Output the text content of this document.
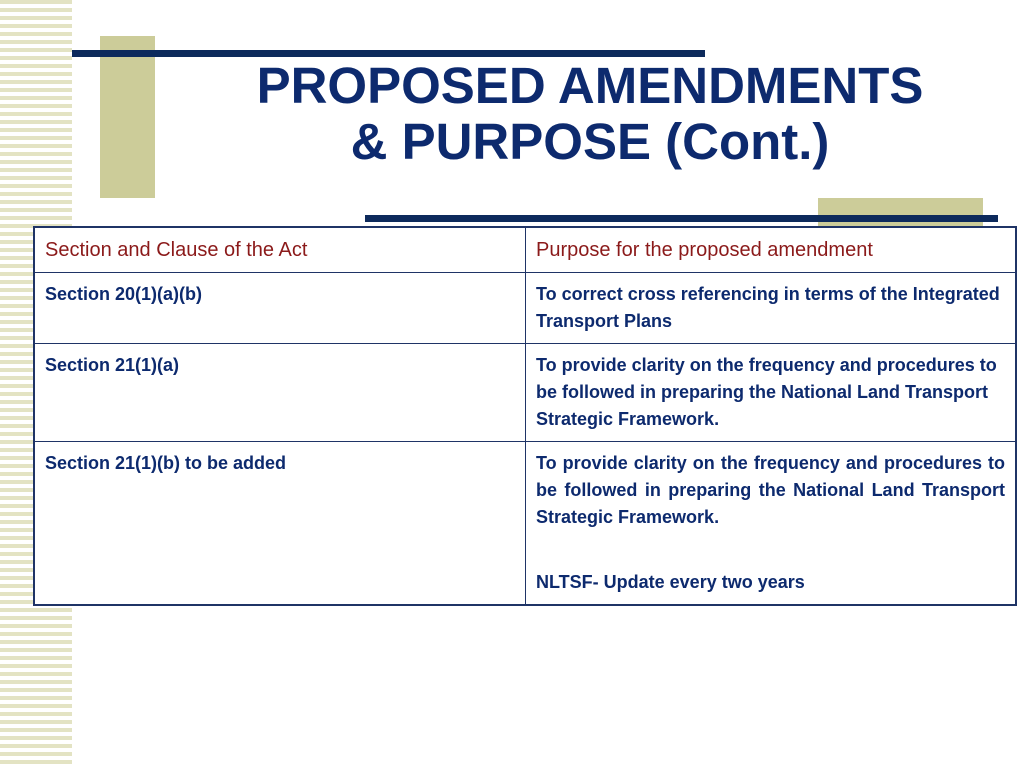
PROPOSED AMENDMENTS
& PURPOSE (Cont.)
Section and Clause of the Act	Purpose for the proposed amendment
Section 20(1)(a)(b)	To correct cross referencing in terms of the Integrated Transport Plans
Section 21(1)(a)	To provide clarity on the frequency and procedures to be followed in preparing the National Land Transport Strategic Framework.
Section 21(1)(b) to be added	To provide clarity on the frequency and procedures to be followed in preparing the National Land Transport Strategic Framework.
NLTSF- Update every two years
